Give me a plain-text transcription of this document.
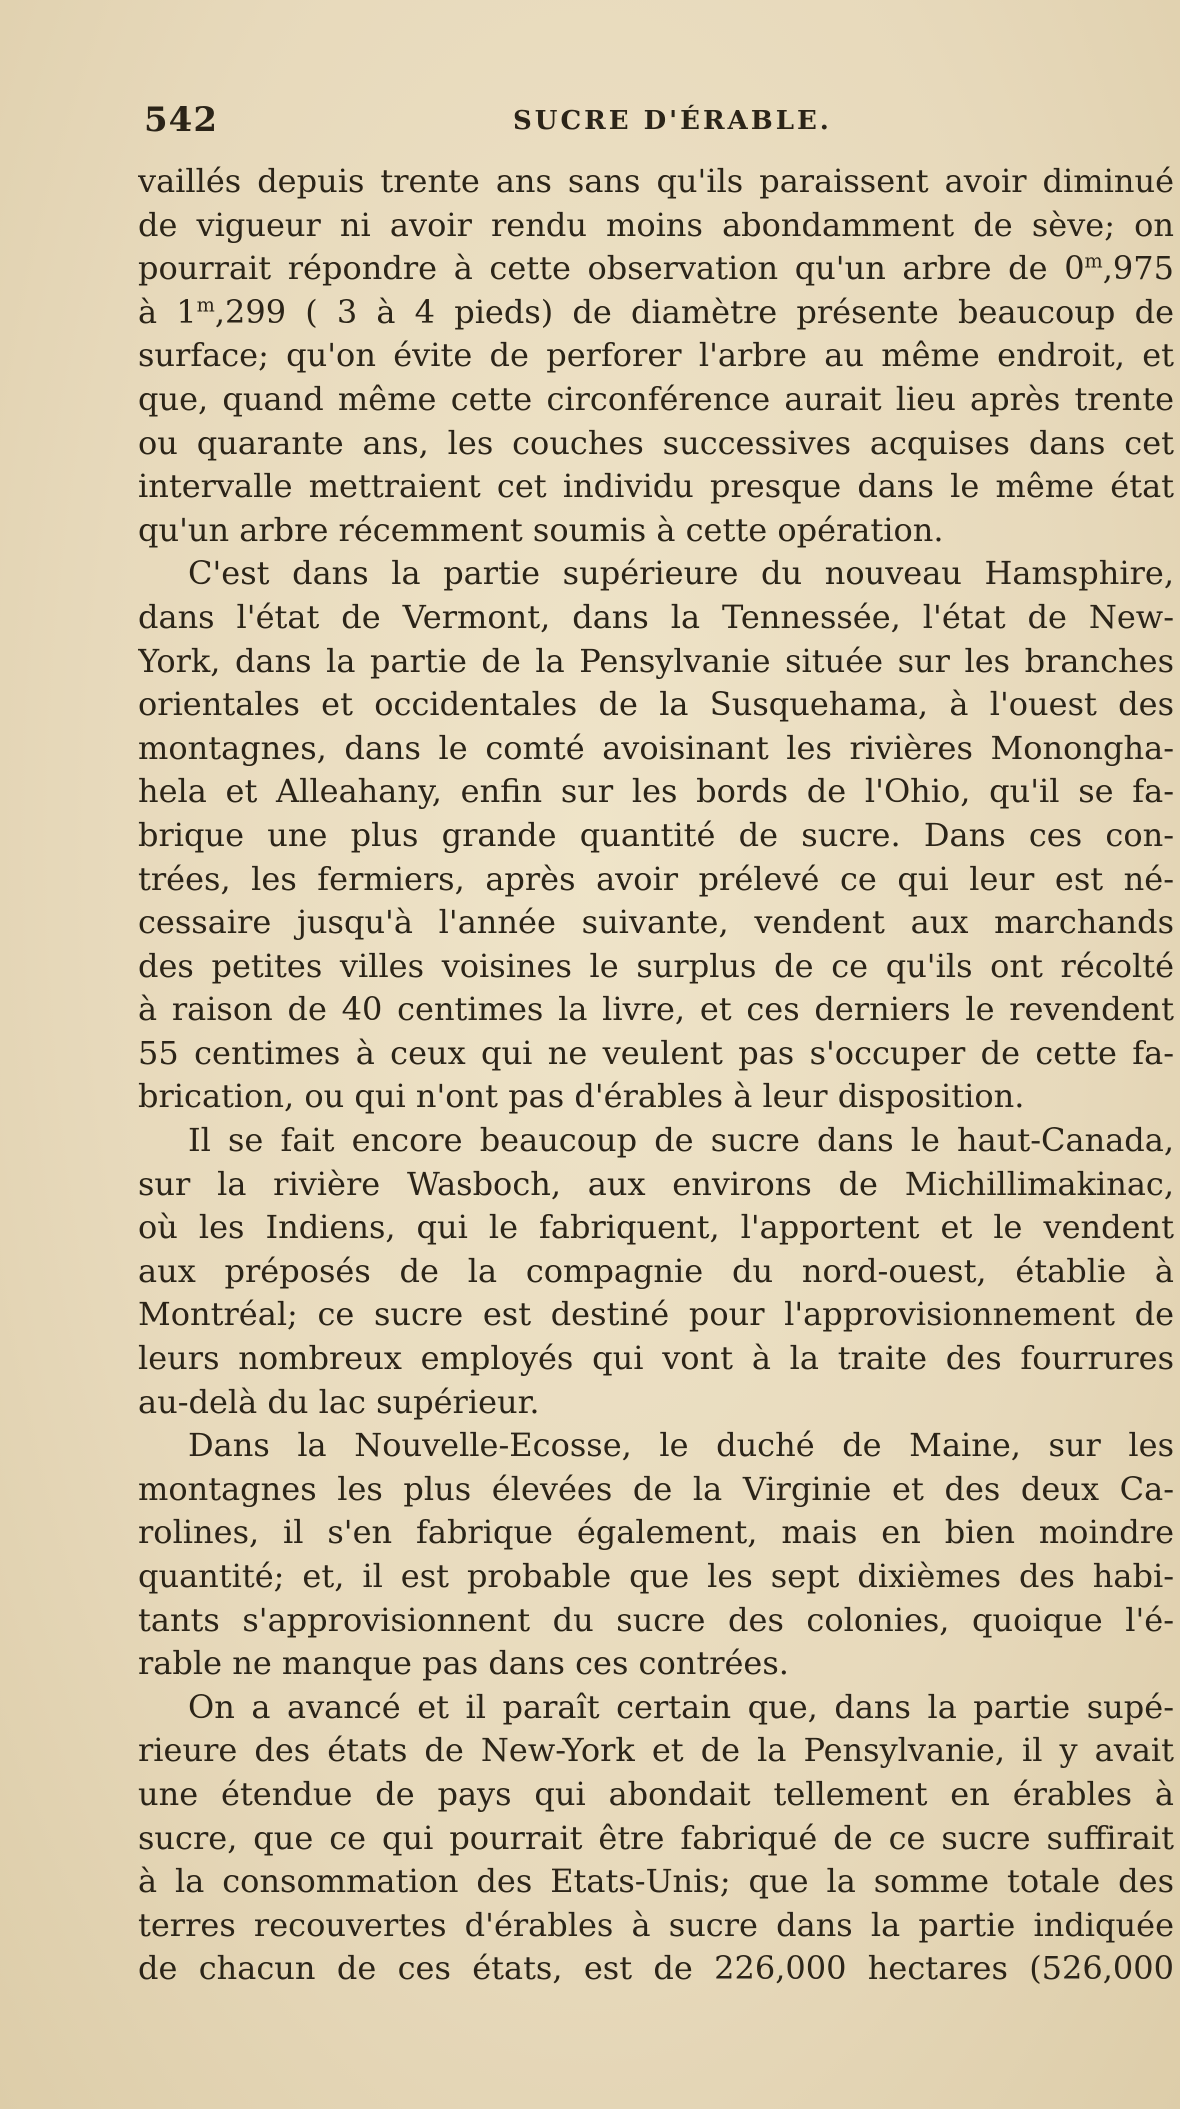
542	SUCRE D'ÉRABLE.
vaillés depuis trente ans sans qu'ils paraissent avoir diminué
de vigueur ni avoir rendu moins abondamment de sève; on
pourrait répondre à cette observation qu'un arbre de 0$^m$,975
à 1$^m$,299 ( 3 à 4 pieds) de diamètre présente beaucoup de
surface; qu'on évite de perforer l'arbre au même endroit, et
que, quand même cette circonférence aurait lieu après trente
ou quarante ans, les couches successives acquises dans cet
intervalle mettraient cet individu presque dans le même état
qu'un arbre récemment soumis à cette opération.
C'est dans la partie supérieure du nouveau Hamsphire,
dans l'état de Vermont, dans la Tennessée, l'état de New-
York, dans la partie de la Pensylvanie située sur les branches
orientales et occidentales de la Susquehama, à l'ouest des
montagnes, dans le comté avoisinant les rivières Monongha-
hela et Alleahany, enfin sur les bords de l'Ohio, qu'il se fa-
brique une plus grande quantité de sucre. Dans ces con-
trées, les fermiers, après avoir prélevé ce qui leur est né-
cessaire jusqu'à l'année suivante, vendent aux marchands
des petites villes voisines le surplus de ce qu'ils ont récolté
à raison de 40 centimes la livre, et ces derniers le revendent
55 centimes à ceux qui ne veulent pas s'occuper de cette fa-
brication, ou qui n'ont pas d'érables à leur disposition.
Il se fait encore beaucoup de sucre dans le haut-Canada,
sur la rivière Wasboch, aux environs de Michillimakinac,
où les Indiens, qui le fabriquent, l'apportent et le vendent
aux préposés de la compagnie du nord-ouest, établie à
Montréal; ce sucre est destiné pour l'approvisionnement de
leurs nombreux employés qui vont à la traite des fourrures
au-delà du lac supérieur.
Dans la Nouvelle-Ecosse, le duché de Maine, sur les
montagnes les plus élevées de la Virginie et des deux Ca-
rolines, il s'en fabrique également, mais en bien moindre
quantité; et, il est probable que les sept dixièmes des habi-
tants s'approvisionnent du sucre des colonies, quoique l'é-
rable ne manque pas dans ces contrées.
On a avancé et il paraît certain que, dans la partie supé-
rieure des états de New-York et de la Pensylvanie, il y avait
une étendue de pays qui abondait tellement en érables à
sucre, que ce qui pourrait être fabriqué de ce sucre suffirait
à la consommation des Etats-Unis; que la somme totale des
terres recouvertes d'érables à sucre dans la partie indiquée
de chacun de ces états, est de 226,000 hectares (526,000
